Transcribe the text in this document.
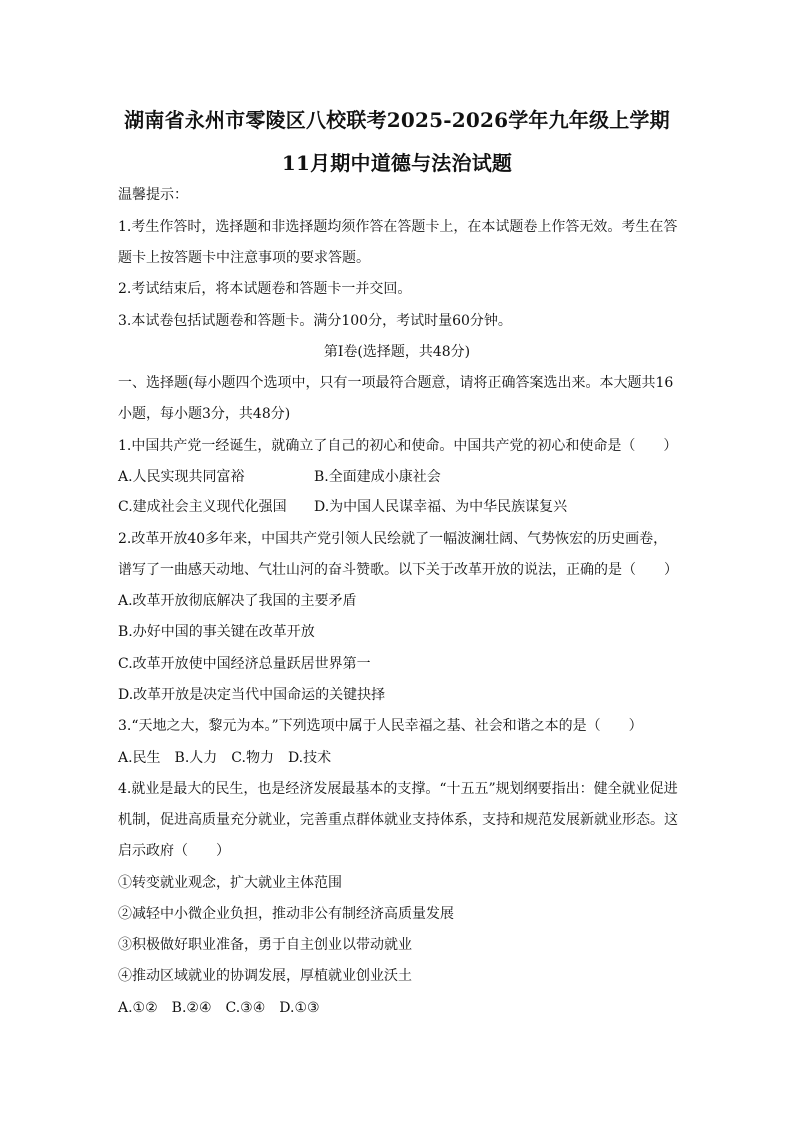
湖南省永州市零陵区八校联考2025-2026学年九年级上学期
11月期中道德与法治试题
温馨提示：
1.考生作答时，选择题和非选择题均须作答在答题卡上，在本试题卷上作答无效。考生在答
题卡上按答题卡中注意事项的要求答题。
2.考试结束后，将本试题卷和答题卡一并交回。
3.本试卷包括试题卷和答题卡。满分100分，考试时量60分钟。
第Ⅰ卷(选择题，共48分)
一、选择题(每小题四个选项中，只有一项最符合题意，请将正确答案选出来。本大题共16
小题，每小题3分，共48分)
1.中国共产党一经诞生，就确立了自己的初心和使命。中国共产党的初心和使命是（　　）
A.人民实现共同富裕	B.全面建成小康社会
C.建成社会主义现代化强国 D.为中国人民谋幸福、为中华民族谋复兴
2.改革开放40多年来，中国共产党引领人民绘就了一幅波澜壮阔、气势恢宏的历史画卷，
谱写了一曲感天动地、气壮山河的奋斗赞歌。以下关于改革开放的说法，正确的是（　　）
A.改革开放彻底解决了我国的主要矛盾
B.办好中国的事关键在改革开放
C.改革开放使中国经济总量跃居世界第一
D.改革开放是决定当代中国命运的关键抉择
3.“天地之大，黎元为本。”下列选项中属于人民幸福之基、社会和谐之本的是（　　）
A.民生　B.人力　C.物力　D.技术
4.就业是最大的民生，也是经济发展最基本的支撑。“十五五”规划纲要指出：健全就业促进
机制，促进高质量充分就业，完善重点群体就业支持体系，支持和规范发展新就业形态。这
启示政府（　　）
①转变就业观念，扩大就业主体范围
②减轻中小微企业负担，推动非公有制经济高质量发展
③积极做好职业准备，勇于自主创业以带动就业
④推动区域就业的协调发展，厚植就业创业沃土
A.①②　B.②④　C.③④　D.①③
